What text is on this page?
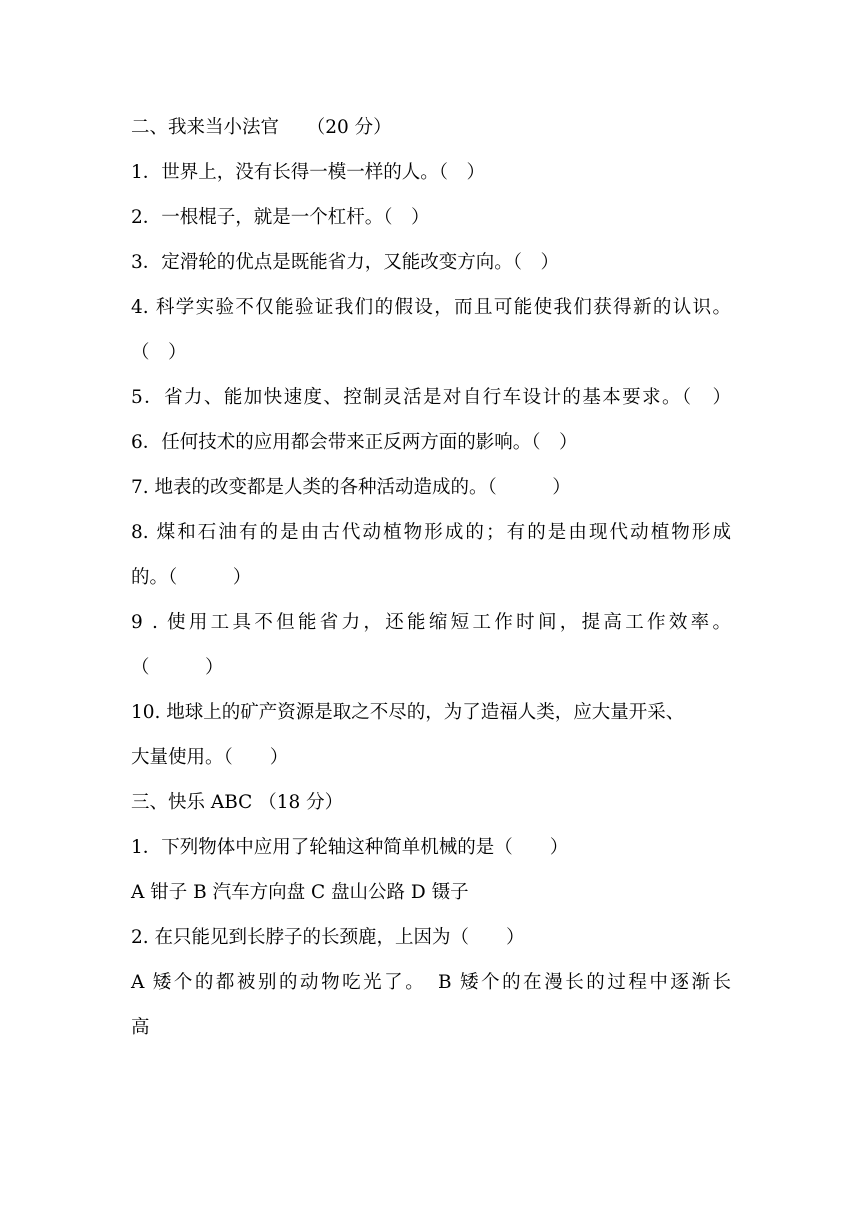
二、我来当小法官　　（20 分）
1．世界上，没有长得一模一样的人。（　）
2．一根棍子，就是一个杠杆。（　）
3．定滑轮的优点是既能省力，又能改变方向。（　）
4. 科学实验不仅能验证我们的假设，而且可能使我们获得新的认识。
（　）
5．省力、能加快速度、控制灵活是对自行车设计的基本要求。（　）
6．任何技术的应用都会带来正反两方面的影响。（　）
7. 地表的改变都是人类的各种活动造成的。（　　　）
8. 煤和石油有的是由古代动植物形成的；有的是由现代动植物形成
的。（　　　）
9 . 使用工具不但能省力，还能缩短工作时间，提高工作效率。
（　　　）
10. 地球上的矿产资源是取之不尽的，为了造福人类，应大量开采、
大量使用。（　　）
三、快乐 ABC （18 分）
1．下列物体中应用了轮轴这种简单机械的是（　　）
A 钳子 B 汽车方向盘 C 盘山公路 D 镊子
2. 在只能见到长脖子的长颈鹿，上因为（　　）
A 矮个的都被别的动物吃光了。　B 矮个的在漫长的过程中逐渐长
高
